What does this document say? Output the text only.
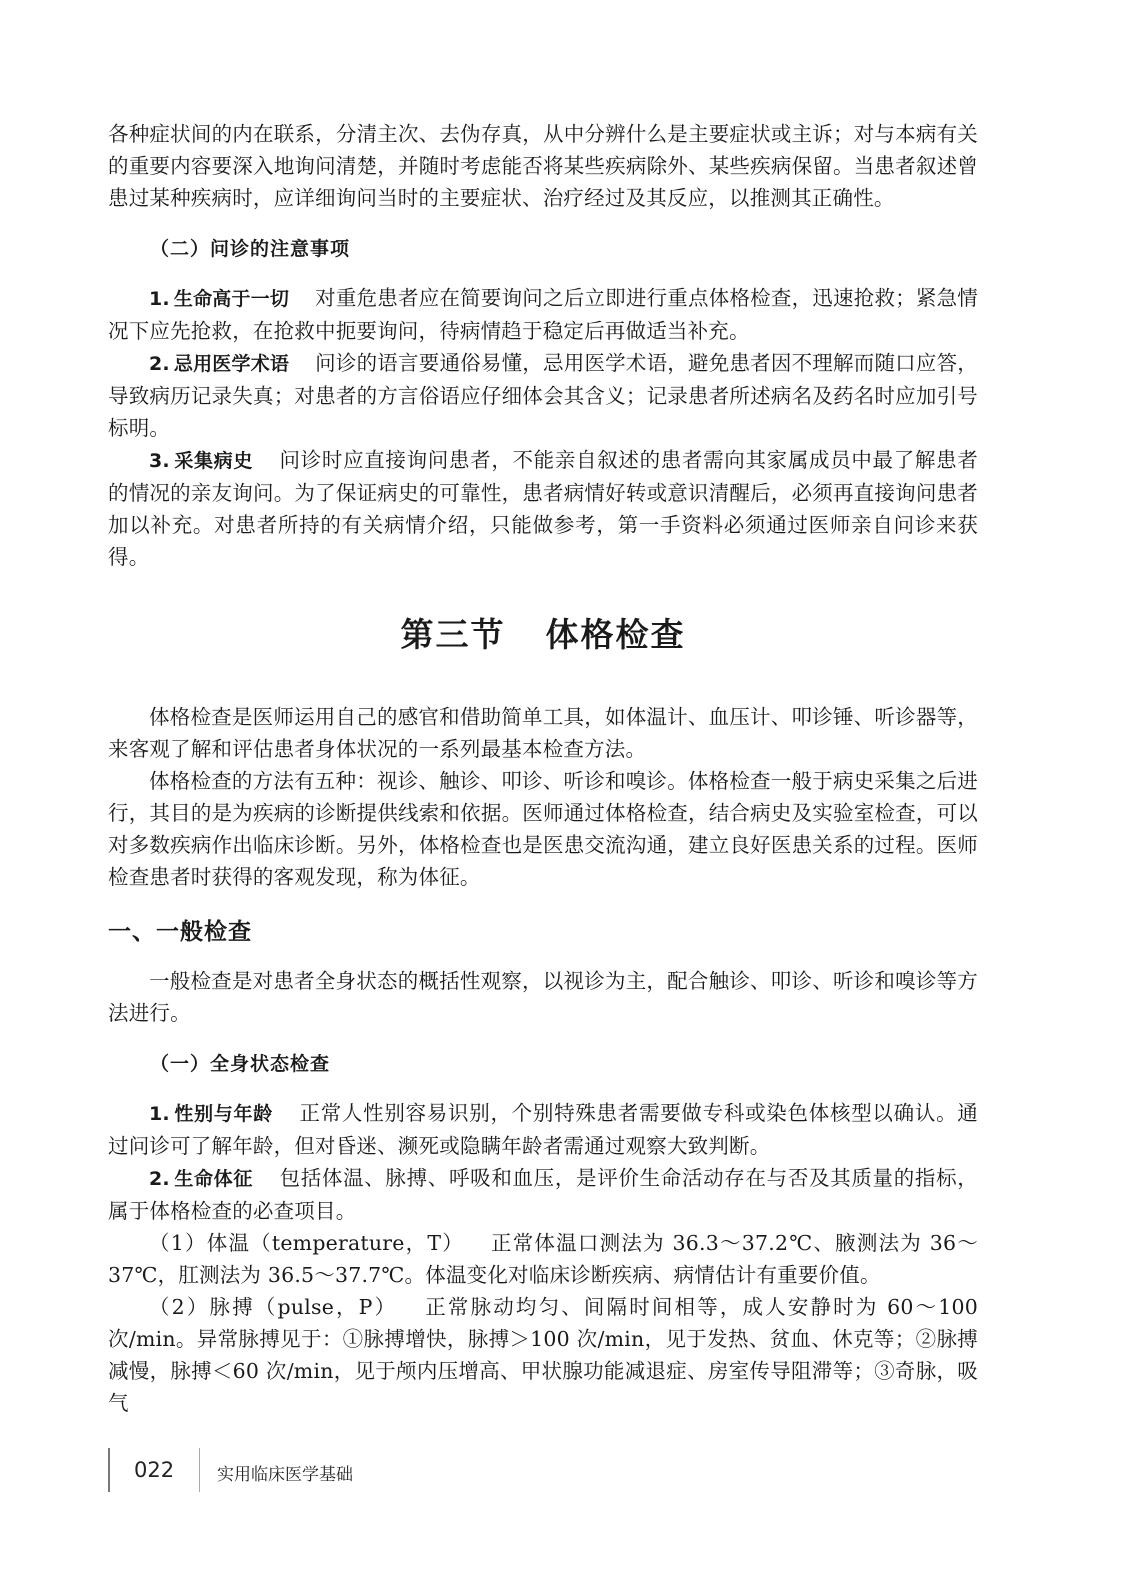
各种症状间的内在联系，分清主次、去伪存真，从中分辨什么是主要症状或主诉；对与本病有关的重要内容要深入地询问清楚，并随时考虑能否将某些疾病除外、某些疾病保留。当患者叙述曾患过某种疾病时，应详细询问当时的主要症状、治疗经过及其反应，以推测其正确性。

（二）问诊的注意事项

1. 生命高于一切 对重危患者应在简要询问之后立即进行重点体格检查，迅速抢救；紧急情况下应先抢救，在抢救中扼要询问，待病情趋于稳定后再做适当补充。

2. 忌用医学术语 问诊的语言要通俗易懂，忌用医学术语，避免患者因不理解而随口应答，导致病历记录失真；对患者的方言俗语应仔细体会其含义；记录患者所述病名及药名时应加引号标明。

3. 采集病史 问诊时应直接询问患者，不能亲自叙述的患者需向其家属成员中最了解患者的情况的亲友询问。为了保证病史的可靠性，患者病情好转或意识清醒后，必须再直接询问患者加以补充。对患者所持的有关病情介绍，只能做参考，第一手资料必须通过医师亲自问诊来获得。

第三节 体格检查

体格检查是医师运用自己的感官和借助简单工具，如体温计、血压计、叩诊锤、听诊器等，来客观了解和评估患者身体状况的一系列最基本检查方法。

体格检查的方法有五种：视诊、触诊、叩诊、听诊和嗅诊。体格检查一般于病史采集之后进行，其目的是为疾病的诊断提供线索和依据。医师通过体格检查，结合病史及实验室检查，可以对多数疾病作出临床诊断。另外，体格检查也是医患交流沟通，建立良好医患关系的过程。医师检查患者时获得的客观发现，称为体征。

一、一般检查

一般检查是对患者全身状态的概括性观察，以视诊为主，配合触诊、叩诊、听诊和嗅诊等方法进行。

（一）全身状态检查

1. 性别与年龄 正常人性别容易识别，个别特殊患者需要做专科或染色体核型以确认。通过问诊可了解年龄，但对昏迷、濒死或隐瞒年龄者需通过观察大致判断。

2. 生命体征 包括体温、脉搏、呼吸和血压，是评价生命活动存在与否及其质量的指标，属于体格检查的必查项目。

（1）体温（temperature，T） 正常体温口测法为 36.3～37.2℃、腋测法为 36～37℃，肛测法为 36.5～37.7℃。体温变化对临床诊断疾病、病情估计有重要价值。

（2）脉搏（pulse，P） 正常脉动均匀、间隔时间相等，成人安静时为 60～100 次/min。异常脉搏见于：①脉搏增快，脉搏＞100 次/min，见于发热、贫血、休克等；②脉搏减慢，脉搏＜60 次/min，见于颅内压增高、甲状腺功能减退症、房室传导阻滞等；③奇脉，吸气

022	实用临床医学基础
